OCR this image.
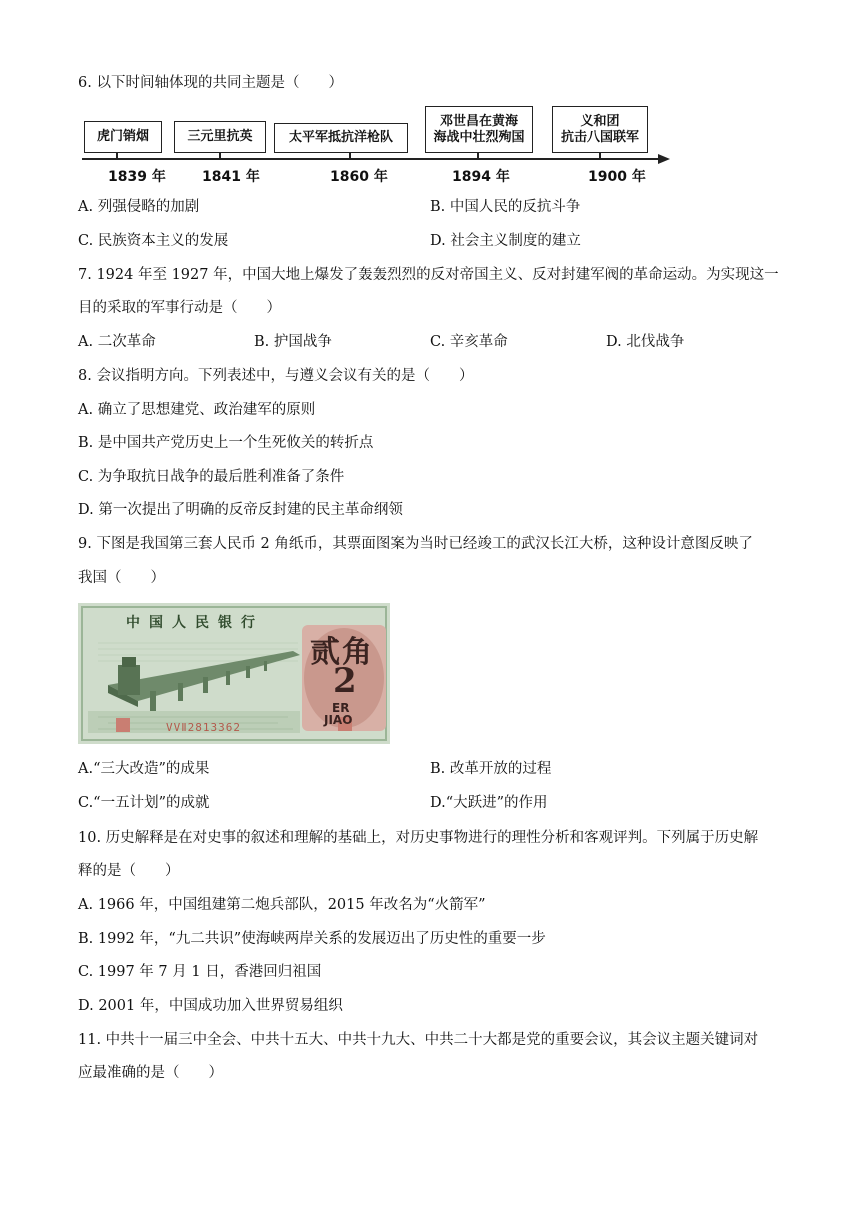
6. 以下时间轴体现的共同主题是（　　）
虎门销烟	三元里抗英	太平军抵抗洋枪队
邓世昌在黄海
海战中壮烈殉国
义和团
抗击八国联军
1839 年	1841 年	1860 年	1894 年	1900 年
A. 列强侵略的加剧	B. 中国人民的反抗斗争
C. 民族资本主义的发展	D. 社会主义制度的建立
7. 1924 年至 1927 年，中国大地上爆发了轰轰烈烈的反对帝国主义、反对封建军阀的革命运动。为实现这一
目的采取的军事行动是（　　）
A. 二次革命	B. 护国战争	C. 辛亥革命	D. 北伐战争
8. 会议指明方向。下列表述中，与遵义会议有关的是（　　）
A. 确立了思想建党、政治建军的原则
B. 是中国共产党历史上一个生死攸关的转折点
C. 为争取抗日战争的最后胜利准备了条件
D. 第一次提出了明确的反帝反封建的民主革命纲领
9. 下图是我国第三套人民币 2 角纸币，其票面图案为当时已经竣工的武汉长江大桥，这种设计意图反映了
我国（　　）
中国人民银行
贰角
2
ER
JIAO
VVⅡ2813362
A.“三大改造”的成果	B. 改革开放的过程
C.“一五计划”的成就	D.“大跃进”的作用
10. 历史解释是在对史事的叙述和理解的基础上，对历史事物进行的理性分析和客观评判。下列属于历史解
释的是（　　）
A. 1966 年，中国组建第二炮兵部队，2015 年改名为“火箭军”
B. 1992 年，“九二共识”使海峡两岸关系的发展迈出了历史性的重要一步
C. 1997 年 7 月 1 日，香港回归祖国
D. 2001 年，中国成功加入世界贸易组织
11. 中共十一届三中全会、中共十五大、中共十九大、中共二十大都是党的重要会议，其会议主题关键词对
应最准确的是（　　）
